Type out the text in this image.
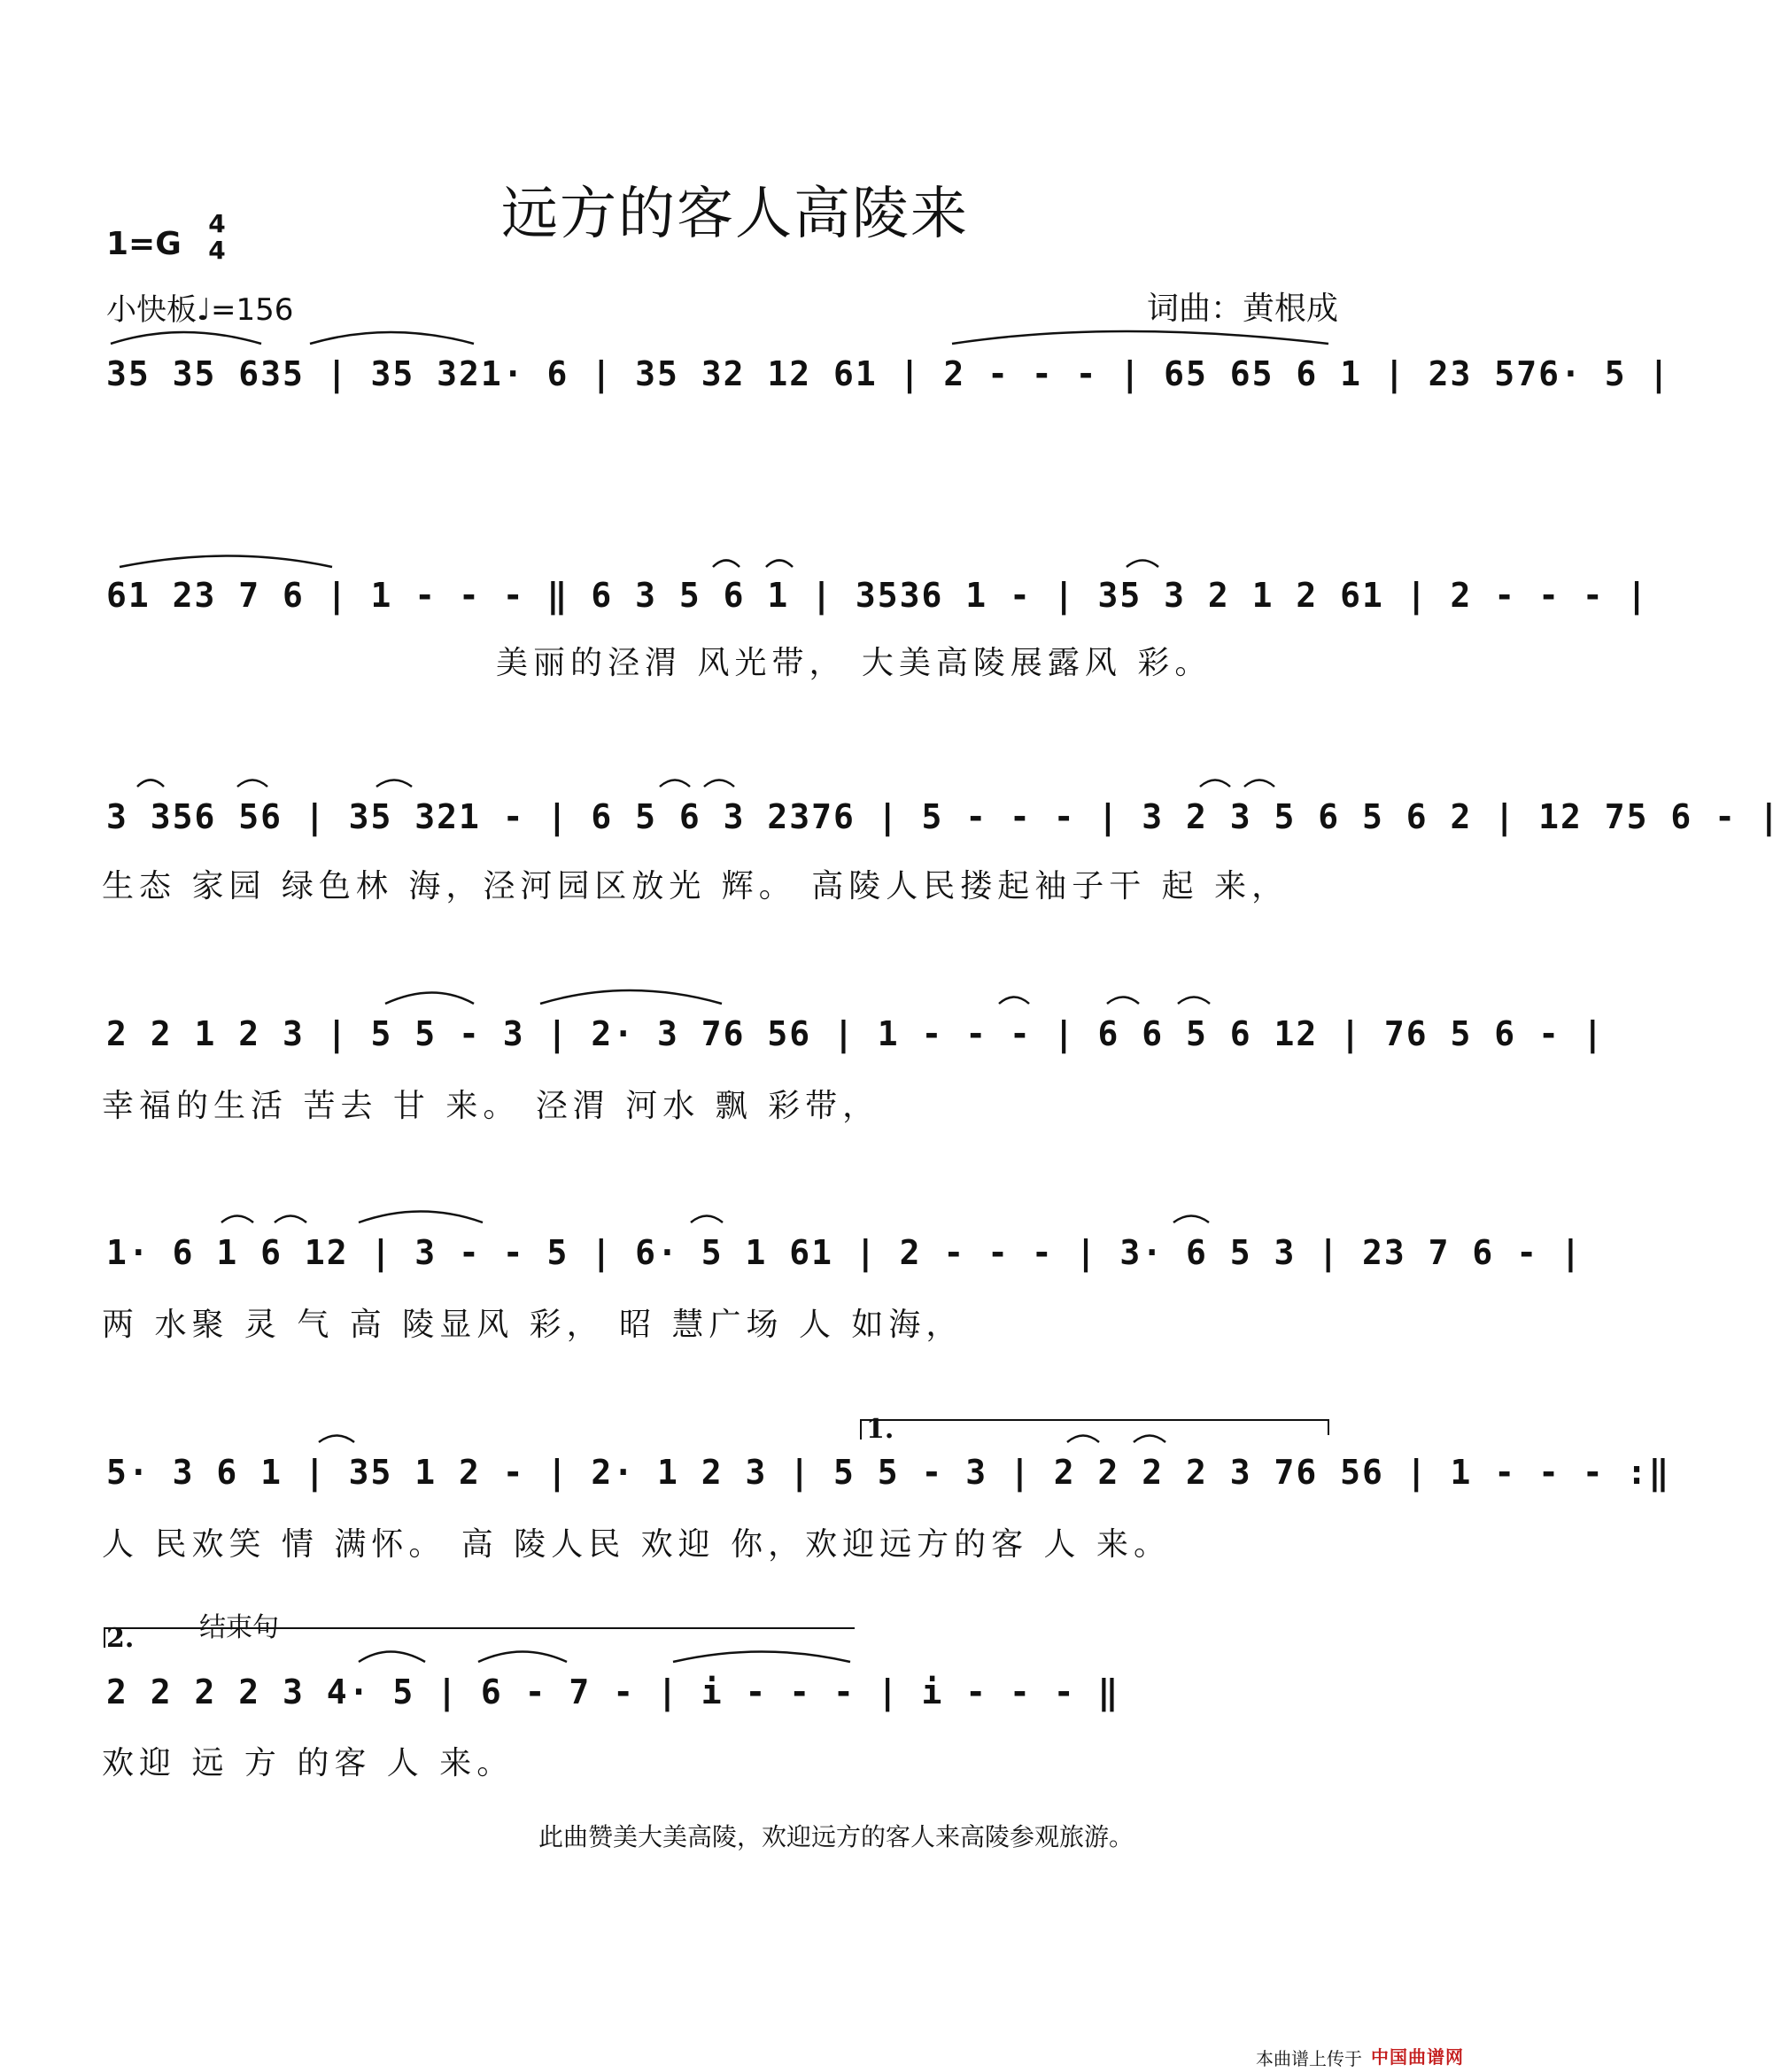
远方的客人高陵来
1=G
4
4
小快板♩=156	词曲：黄根成
35 35 635 | 35 321· 6 | 35 32 12 61 | 2 - - - | 65 65 6 1 | 23 576· 5 |
61 23 7 6 | 1 - - - ‖ 6 3 5 6 1 | 3536 1 - | 35 3 2 1 2 61 | 2 - - - |
美丽的泾渭 风光带， 大美高陵展露风 彩。
3 356 56 | 35 321 - | 6 5 6 3 2376 | 5 - - - | 3 2 3 5 6 5 6 2 | 12 75 6 - |
生态 家园 绿色林 海，泾河园区放光 辉。 高陵人民搂起袖子干 起 来，
2 2 1 2 3 | 5 5 - 3 | 2· 3 76 56 | 1 - - - | 6 6 5 6 12 | 76 5 6 - |
幸福的生活 苦去 甘 来。 泾渭 河水 飘 彩带，
1· 6 1 6 12 | 3 - - 5 | 6· 5 1 61 | 2 - - - | 3· 6 5 3 | 23 7 6 - |
两 水聚 灵 气 高 陵显风 彩， 昭 慧广场 人 如海，
1.
5· 3 6 1 | 35 1 2 - | 2· 1 2 3 | 5 5 - 3 | 2 2 2 2 3 76 56 | 1 - - - :‖
人 民欢笑 情 满怀。 高 陵人民 欢迎 你，欢迎远方的客 人 来。
2. 结束句
2 2 2 2 3 4· 5 | 6 - 7 - | i - - - | i - - - ‖
欢迎 远 方 的客 人 来。
此曲赞美大美高陵，欢迎远方的客人来高陵参观旅游。
本曲谱上传于 中国曲谱网
